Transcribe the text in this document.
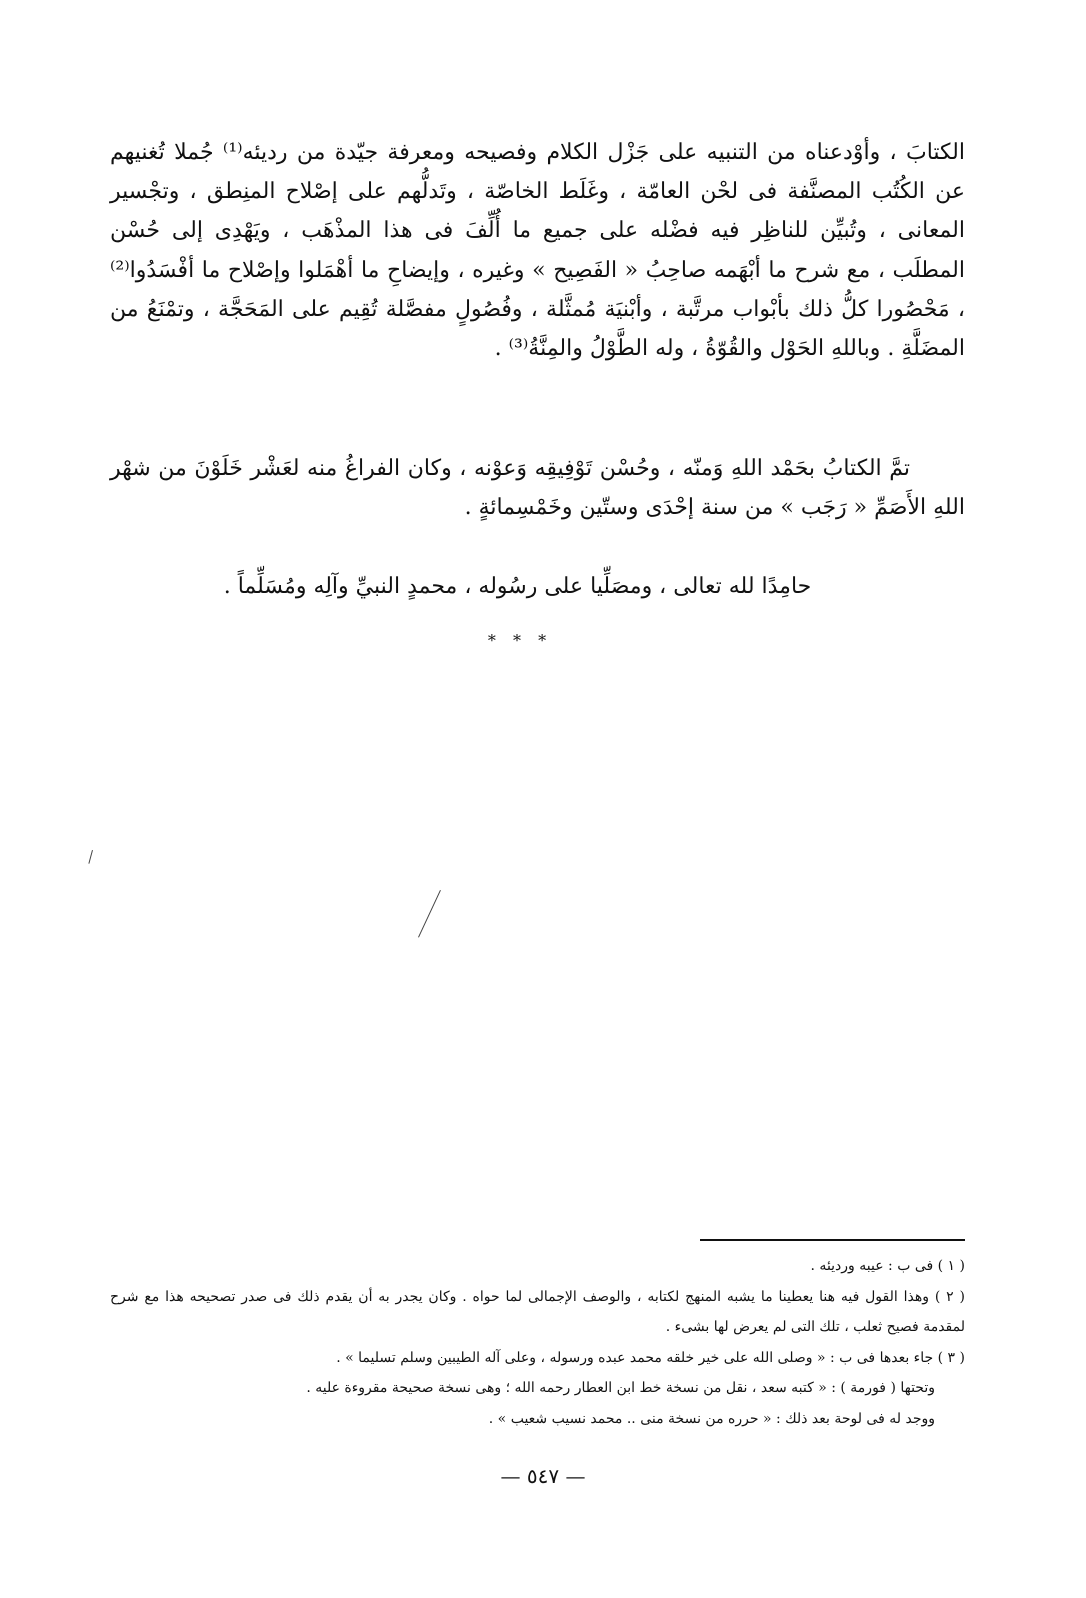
الكتابَ ، وأوْدعناه من التنبيه على جَزْل الكلام وفصيحه ومعرفة جيّدة من رديئه⁽¹⁾ جُملا تُغنيهم عن الكُتُب المصنَّفة فى لحْن العامّة ، وغَلَط الخاصّة ، وتَدلُّهم على إصْلاح المنِطق ، وتجْسير المعانى ، وتُبيِّن للناظِر فيه فضْله على جميع ما أُلِّفَ فى هذا المذْهَب ، ويَهْدِى إلى حُسْن المطلَب ، مع شرح ما أبْهَمه صاحِبُ « الفَصِيح » وغيره ، وإيضاحِ ما أهْمَلوا وإصْلاح ما أفْسَدُوا⁽²⁾ ، مَحْصُورا كلُّ ذلك بأبْواب مرتَّبة ، وأبْنيَة مُمثَّلة ، وفُصُولٍ مفصَّلة تُقِيم على المَحَجَّة ، وتمْنَعُ من المضَلَّةِ . وباللهِ الحَوْل والقُوّةُ ، وله الطَّوْلُ والمِنَّةُ⁽³⁾ .

تمَّ الكتابُ بحَمْد اللهِ وَمنّه ، وحُسْن تَوْفِيقِه وَعوْنه ، وكان الفراغُ منه لعَشْر خَلَوْنَ من شهْر اللهِ الأَصَمِّ « رَجَب » من سنة إحْدَى وستّين وخَمْسِمائةٍ .

حامِدًا لله تعالى ، ومصَلِّيا على رسُوله ، محمدٍ النبيِّ وآلِه ومُسَلِّماً .

* * *

( ١ ) فى ب : عيبه ورديئه .

( ٢ ) وهذا القول فيه هنا يعطينا ما يشبه المنهج لكتابه ، والوصف الإجمالى لما حواه . وكان يجدر به أن يقدم ذلك فى صدر تصحيحه هذا مع شرح لمقدمة فصيح ثعلب ، تلك التى لم يعرض لها بشىء .

( ٣ ) جاء بعدها فى ب : « وصلى الله على خير خلقه محمد عبده ورسوله ، وعلى آله الطيبين وسلم تسليما » .

وتحتها ( فورمة ) : « كتبه سعد ، نقل من نسخة خط ابن العطار رحمه الله ؛ وهى نسخة صحيحة مقروءة عليه .

ووجد له فى لوحة بعد ذلك : « حرره من نسخة منى .. محمد نسيب شعيب » .

— ٥٤٧ —
